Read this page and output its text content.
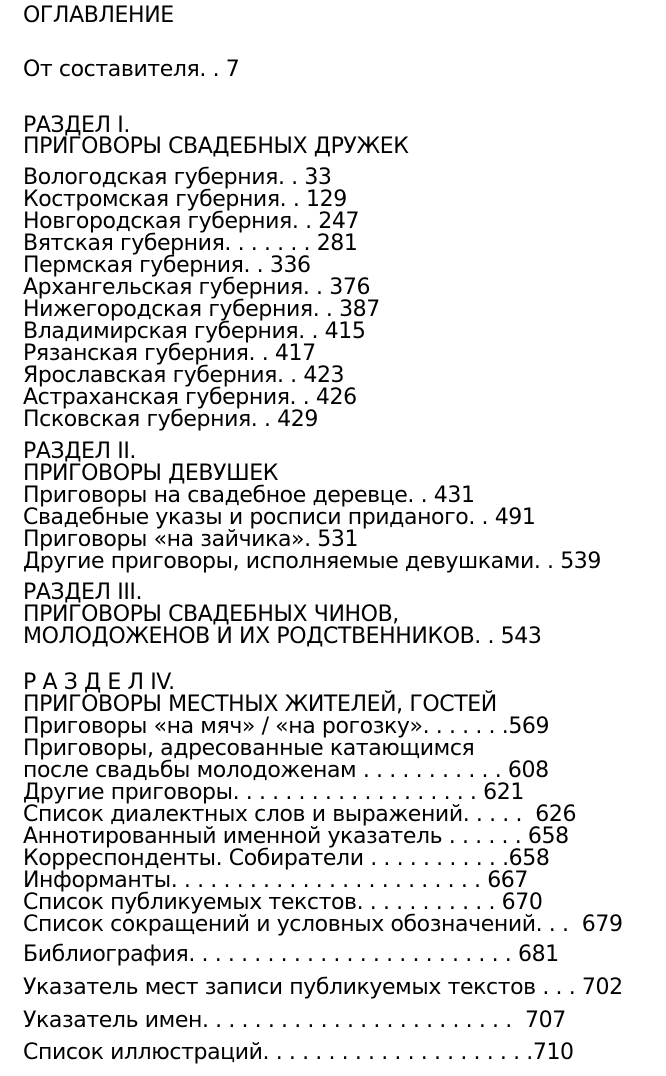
ОГЛАВЛЕНИЕ
От составителя. . 7
РАЗДЕЛ I.
ПРИГОВОРЫ СВАДЕБНЫХ ДРУЖЕК
Вологодская губерния. . 33
Костромская губерния. . 129
Новгородская губерния. . 247
Вятская губерния. . . . . . . 281
Пермская губерния. . 336
Архангельская губерния. . 376
Нижегородская губерния. . 387
Владимирская губерния. . 415
Рязанская губерния. . 417
Ярославская губерния. . 423
Астраханская губерния. . 426
Псковская губерния. . 429
РАЗДЕЛ II.
ПРИГОВОРЫ ДЕВУШЕК
Приговоры на свадебное деревце. . 431
Свадебные указы и росписи приданого. . 491
Приговоры «на зайчика». 531
Другие приговоры, исполняемые девушками. . 539
РАЗДЕЛ III.
ПРИГОВОРЫ СВАДЕБНЫХ ЧИНОВ,
МОЛОДОЖЕНОВ И ИХ РОДСТВЕННИКОВ. . 543
Р А З Д Е Л IV.
ПРИГОВОРЫ МЕСТНЫХ ЖИТЕЛЕЙ, ГОСТЕЙ
Приговоры «на мяч» / «на рогозку». . . . . . .569
Приговоры, адресованные катающимся
после свадьбы молодоженам . . . . . . . . . . . 608
Другие приговоры. . . . . . . . . . . . . . . . . . . 621
Список диалектных слов и выражений. . . . .  626
Аннотированный именной указатель . . . . . . 658
Корреспонденты. Собиратели . . . . . . . . . . .658
Информанты. . . . . . . . . . . . . . . . . . . . . . . . 667
Список публикуемых текстов. . . . . . . . . . . 670
Список сокращений и условных обозначений. . .  679
Библиография. . . . . . . . . . . . . . . . . . . . . . . . . 681
Указатель мест записи публикуемых текстов . . . 702
Указатель имен. . . . . . . . . . . . . . . . . . . . . . . .  707
Список иллюстраций. . . . . . . . . . . . . . . . . . . . .710
